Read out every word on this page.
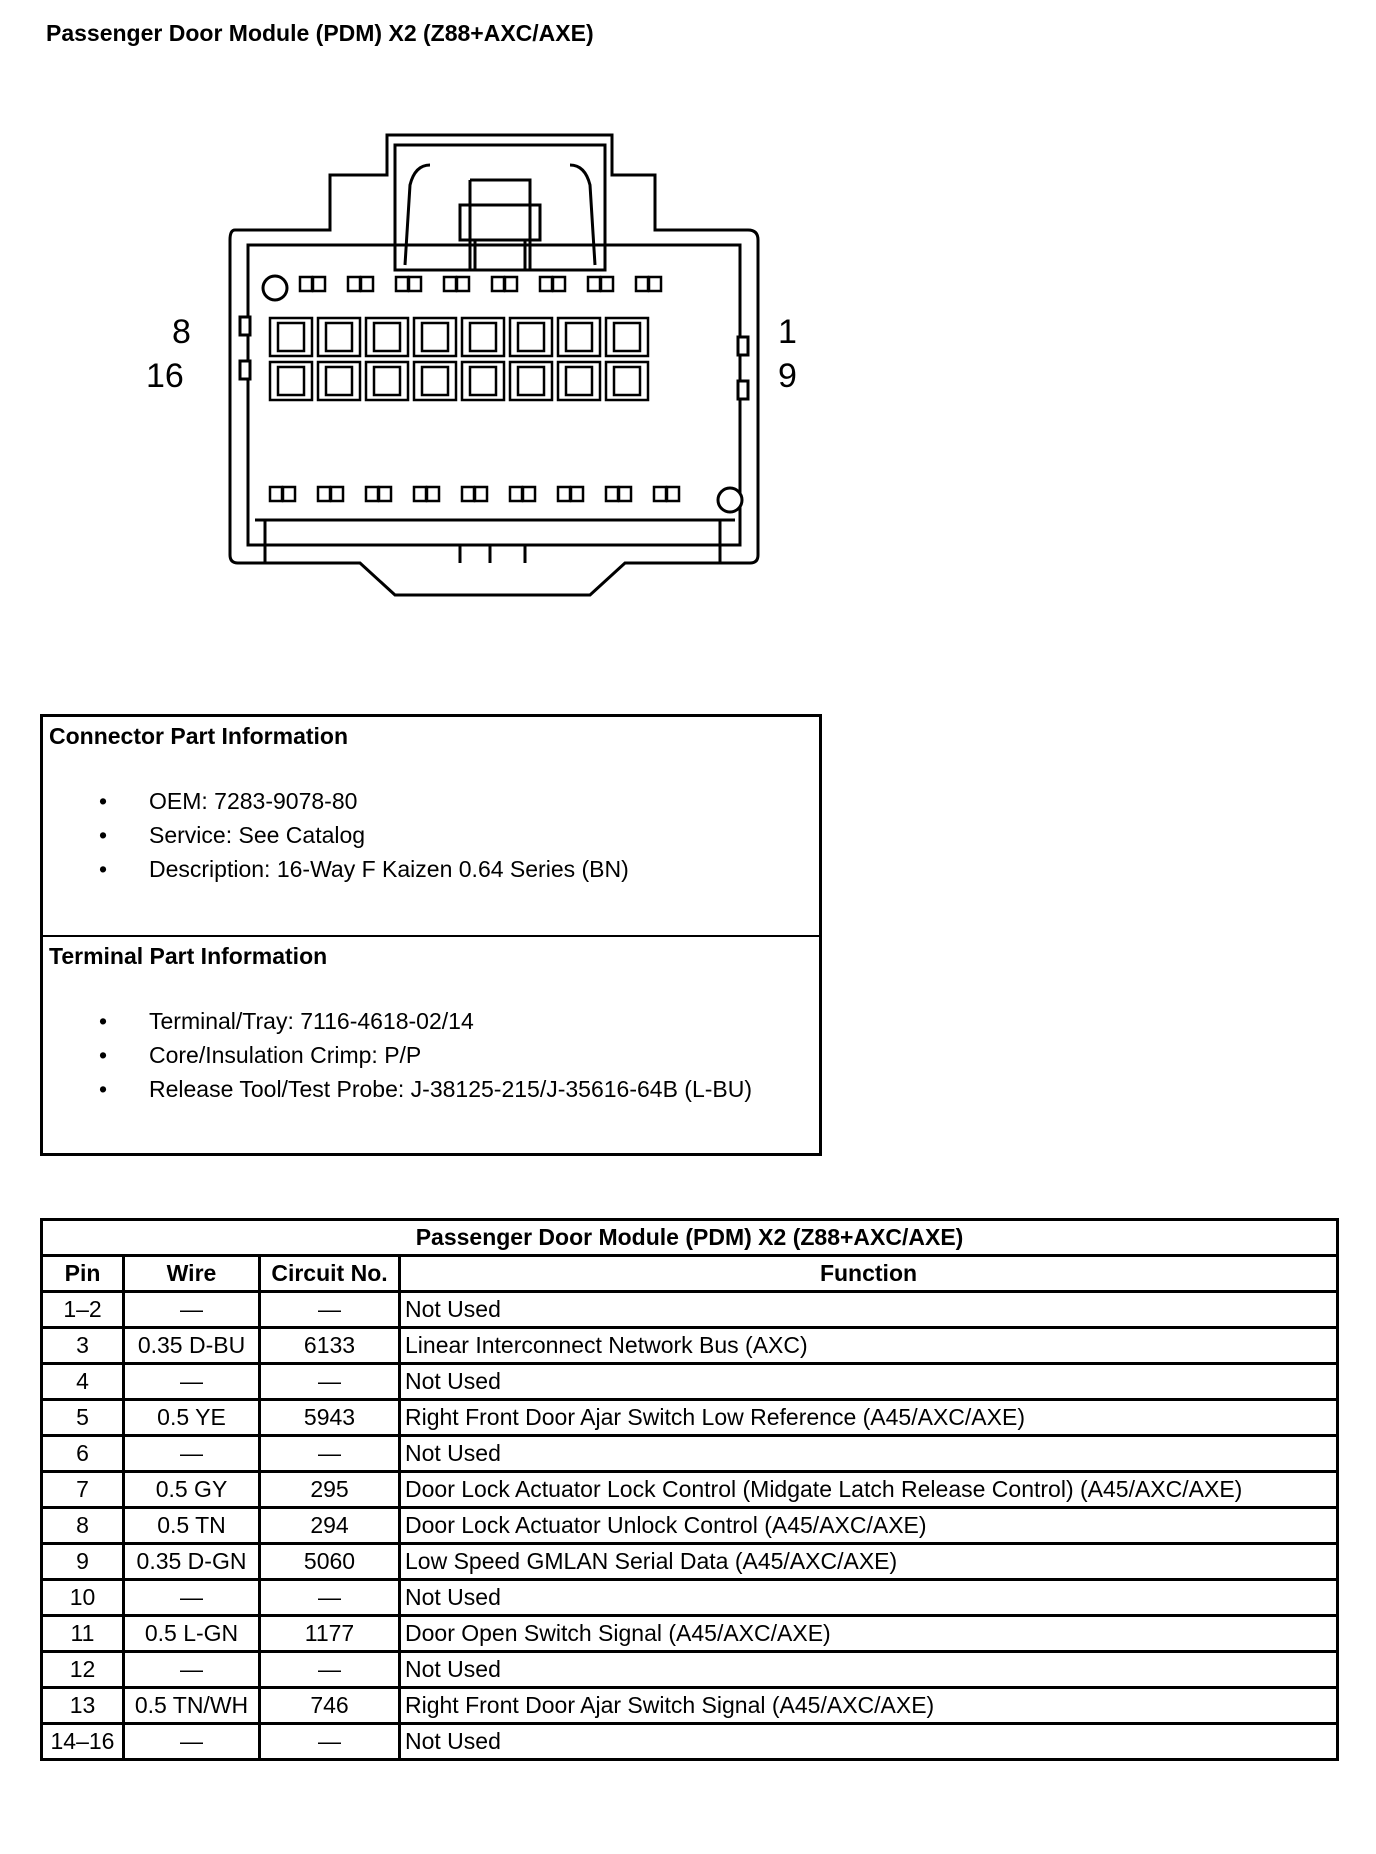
Passenger Door Module (PDM) X2 (Z88+AXC/AXE)
8
16
1
9

Connector Part Information

• OEM: 7283-9078-80
• Service: See Catalog
• Description: 16-Way F Kaizen 0.64 Series (BN)

Terminal Part Information

• Terminal/Tray: 7116-4618-02/14
• Core/Insulation Crimp: P/P
• Release Tool/Test Probe: J-38125-215/J-35616-64B (L-BU)
Passenger Door Module (PDM) X2 (Z88+AXC/AXE)			
Pin	Wire	Circuit No.	Function
1–2	—	—	Not Used
3	0.35 D-BU	6133	Linear Interconnect Network Bus (AXC)
4	—	—	Not Used
5	0.5 YE	5943	Right Front Door Ajar Switch Low Reference (A45/AXC/AXE)
6	—	—	Not Used
7	0.5 GY	295	Door Lock Actuator Lock Control (Midgate Latch Release Control) (A45/AXC/AXE)
8	0.5 TN	294	Door Lock Actuator Unlock Control (A45/AXC/AXE)
9	0.35 D-GN	5060	Low Speed GMLAN Serial Data (A45/AXC/AXE)
10	—	—	Not Used
11	0.5 L-GN	1177	Door Open Switch Signal (A45/AXC/AXE)
12	—	—	Not Used
13	0.5 TN/WH	746	Right Front Door Ajar Switch Signal (A45/AXC/AXE)
14–16	—	—	Not Used
